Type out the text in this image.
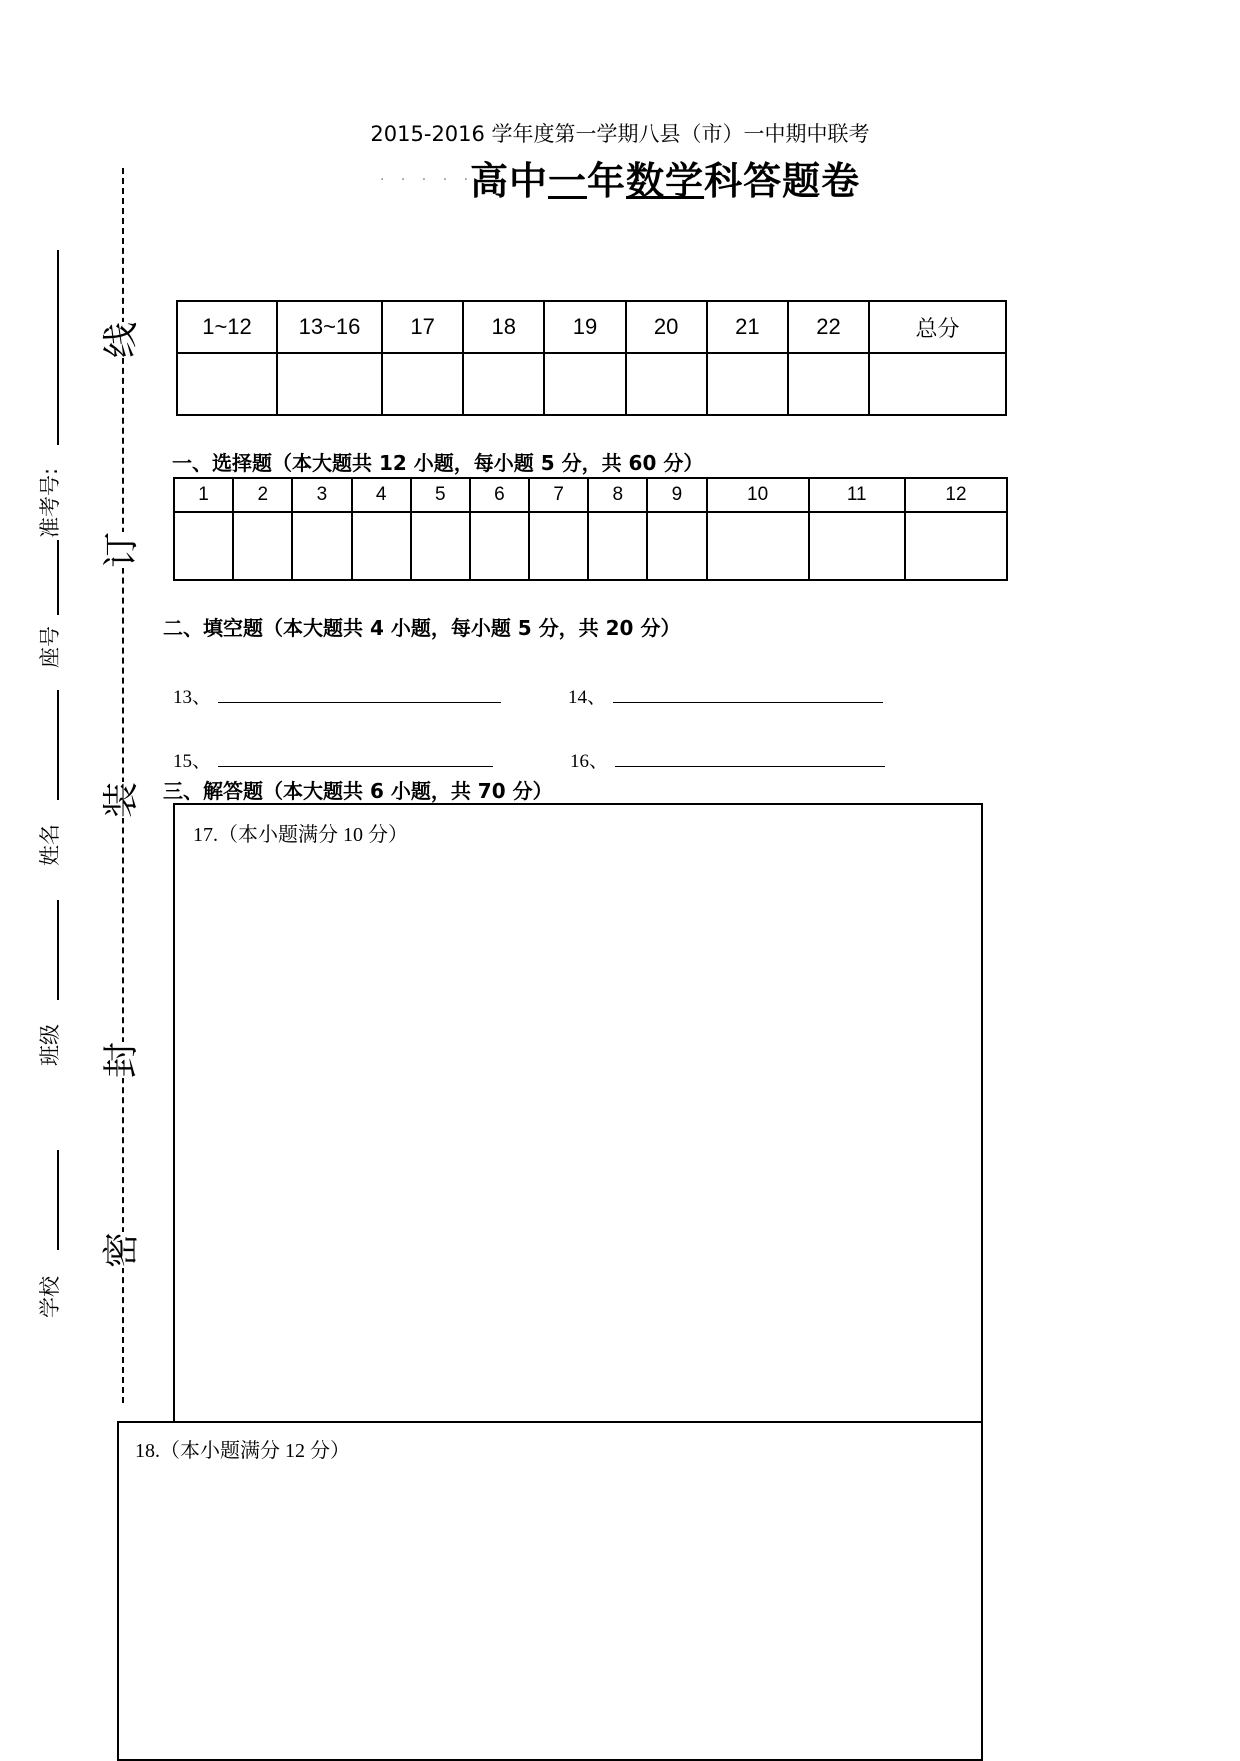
准考号:
座号
姓名
班级
学校
线
订
装
封
密
2015-2016 学年度第一学期八县（市）一中期中联考
· · · · ·
高中一年数学科答题卷
1~12	13~16	17	18	19	20	21	22	总分

一、选择题（本大题共 12 小题，每小题 5 分，共 60 分）
1	2	3	4	5	6	7	8	9	10	11	12

二、填空题（本大题共 4 小题，每小题 5 分，共 20 分）
13、	14、
15、	16、
三、解答题（本大题共 6 小题，共 70 分）
17.（本小题满分 10 分）
18.（本小题满分 12 分）
